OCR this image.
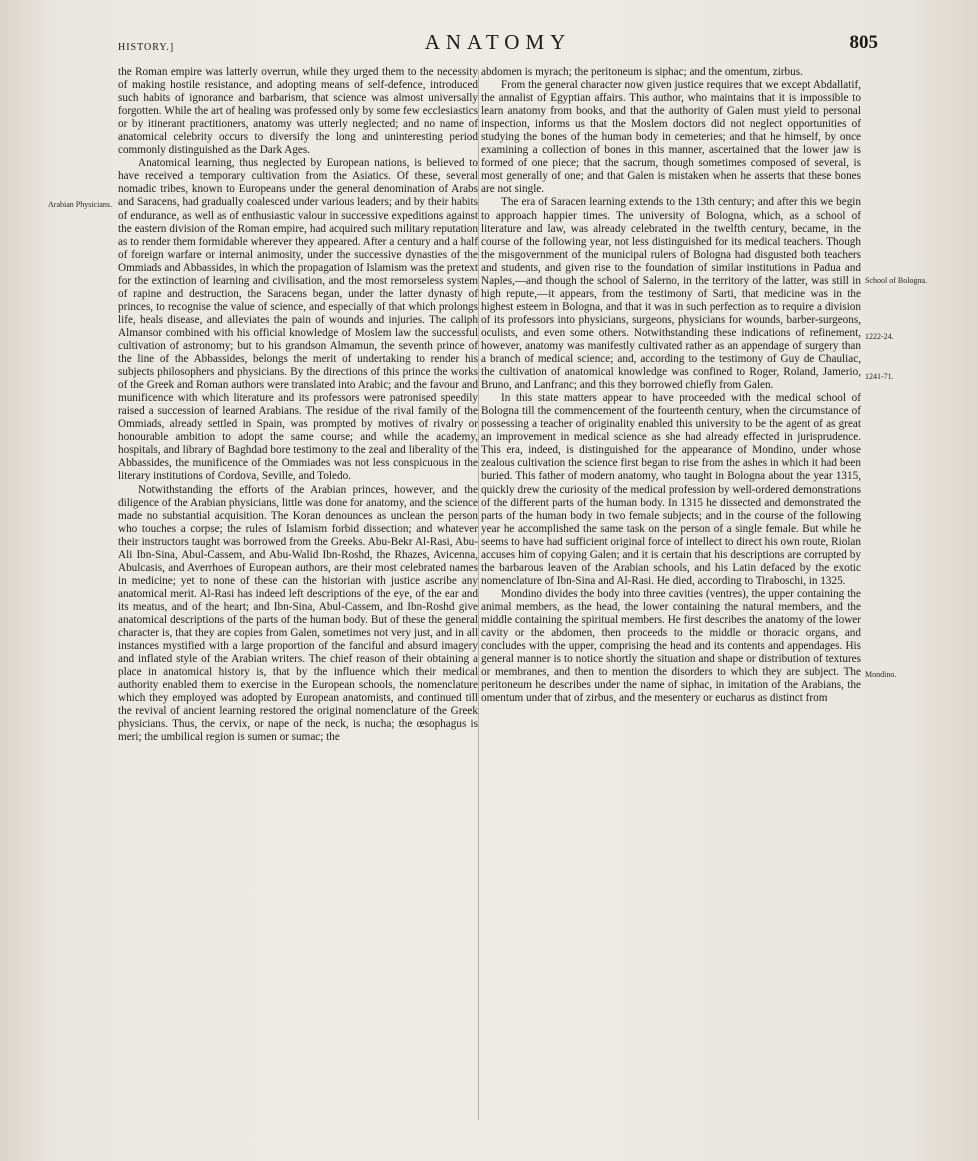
HISTORY.]	ANATOMY	805
Arabian Physicians.
School of Bologna.
1222-24.
1241-71.
Mondino.

the Roman empire was latterly overrun, while they urged them to the necessity of making hostile resistance, and adopting means of self-defence, introduced such habits of ignorance and barbarism, that science was almost universally forgotten. While the art of healing was professed only by some few ecclesiastics or by itinerant practitioners, anatomy was utterly neglected; and no name of anatomical celebrity occurs to diversify the long and uninteresting period commonly distinguished as the Dark Ages.

Anatomical learning, thus neglected by European nations, is believed to have received a temporary cultivation from the Asiatics. Of these, several nomadic tribes, known to Europeans under the general denomination of Arabs and Saracens, had gradually coalesced under various leaders; and by their habits of endurance, as well as of enthusiastic valour in successive expeditions against the eastern division of the Roman empire, had acquired such military reputation as to render them formidable wherever they appeared. After a century and a half of foreign warfare or internal animosity, under the successive dynasties of the Ommiads and Abbassides, in which the propagation of Islamism was the pretext for the extinction of learning and civilisation, and the most remorseless system of rapine and destruction, the Saracens began, under the latter dynasty of princes, to recognise the value of science, and especially of that which prolongs life, heals disease, and alleviates the pain of wounds and injuries. The caliph Almansor combined with his official knowledge of Moslem law the successful cultivation of astronomy; but to his grandson Almamun, the seventh prince of the line of the Abbassides, belongs the merit of undertaking to render his subjects philosophers and physicians. By the directions of this prince the works of the Greek and Roman authors were translated into Arabic; and the favour and munificence with which literature and its professors were patronised speedily raised a succession of learned Arabians. The residue of the rival family of the Ommiads, already settled in Spain, was prompted by motives of rivalry or honourable ambition to adopt the same course; and while the academy, hospitals, and library of Baghdad bore testimony to the zeal and liberality of the Abbassides, the munificence of the Ommiades was not less conspicuous in the literary institutions of Cordova, Seville, and Toledo.

Notwithstanding the efforts of the Arabian princes, however, and the diligence of the Arabian physicians, little was done for anatomy, and the science made no substantial acquisition. The Koran denounces as unclean the person who touches a corpse; the rules of Islamism forbid dissection; and whatever their instructors taught was borrowed from the Greeks. Abu-Bekr Al-Rasi, Abu-Ali Ibn-Sina, Abul-Cassem, and Abu-Walid Ibn-Roshd, the Rhazes, Avicenna, Abulcasis, and Averrhoes of European authors, are their most celebrated names in medicine; yet to none of these can the historian with justice ascribe any anatomical merit. Al-Rasi has indeed left descriptions of the eye, of the ear and its meatus, and of the heart; and Ibn-Sina, Abul-Cassem, and Ibn-Roshd give anatomical descriptions of the parts of the human body. But of these the general character is, that they are copies from Galen, sometimes not very just, and in all instances mystified with a large proportion of the fanciful and absurd imagery and inflated style of the Arabian writers. The chief reason of their obtaining a place in anatomical history is, that by the influence which their medical authority enabled them to exercise in the European schools, the nomenclature which they employed was adopted by European anatomists, and continued till the revival of ancient learning restored the original nomenclature of the Greek physicians. Thus, the cervix, or nape of the neck, is nucha; the œsophagus is meri; the umbilical region is sumen or sumac; the

abdomen is myrach; the peritoneum is siphac; and the omentum, zirbus.

From the general character now given justice requires that we except Abdallatif, the annalist of Egyptian affairs. This author, who maintains that it is impossible to learn anatomy from books, and that the authority of Galen must yield to personal inspection, informs us that the Moslem doctors did not neglect opportunities of studying the bones of the human body in cemeteries; and that he himself, by once examining a collection of bones in this manner, ascertained that the lower jaw is formed of one piece; that the sacrum, though sometimes composed of several, is most generally of one; and that Galen is mistaken when he asserts that these bones are not single.

The era of Saracen learning extends to the 13th century; and after this we begin to approach happier times. The university of Bologna, which, as a school of literature and law, was already celebrated in the twelfth century, became, in the course of the following year, not less distinguished for its medical teachers. Though the misgovernment of the municipal rulers of Bologna had disgusted both teachers and students, and given rise to the foundation of similar institutions in Padua and Naples,—and though the school of Salerno, in the territory of the latter, was still in high repute,—it appears, from the testimony of Sarti, that medicine was in the highest esteem in Bologna, and that it was in such perfection as to require a division of its professors into physicians, surgeons, physicians for wounds, barber-surgeons, oculists, and even some others. Notwithstanding these indications of refinement, however, anatomy was manifestly cultivated rather as an appendage of surgery than a branch of medical science; and, according to the testimony of Guy de Chauliac, the cultivation of anatomical knowledge was confined to Roger, Roland, Jamerio, Bruno, and Lanfranc; and this they borrowed chiefly from Galen.

In this state matters appear to have proceeded with the medical school of Bologna till the commencement of the fourteenth century, when the circumstance of possessing a teacher of originality enabled this university to be the agent of as great an improvement in medical science as she had already effected in jurisprudence. This era, indeed, is distinguished for the appearance of Mondino, under whose zealous cultivation the science first began to rise from the ashes in which it had been buried. This father of modern anatomy, who taught in Bologna about the year 1315, quickly drew the curiosity of the medical profession by well-ordered demonstrations of the different parts of the human body. In 1315 he dissected and demonstrated the parts of the human body in two female subjects; and in the course of the following year he accomplished the same task on the person of a single female. But while he seems to have had sufficient original force of intellect to direct his own route, Riolan accuses him of copying Galen; and it is certain that his descriptions are corrupted by the barbarous leaven of the Arabian schools, and his Latin defaced by the exotic nomenclature of Ibn-Sina and Al-Rasi. He died, according to Tiraboschi, in 1325.

Mondino divides the body into three cavities (ventres), the upper containing the animal members, as the head, the lower containing the natural members, and the middle containing the spiritual members. He first describes the anatomy of the lower cavity or the abdomen, then proceeds to the middle or thoracic organs, and concludes with the upper, comprising the head and its contents and appendages. His general manner is to notice shortly the situation and shape or distribution of textures or membranes, and then to mention the disorders to which they are subject. The peritoneum he describes under the name of siphac, in imitation of the Arabians, the omentum under that of zirbus, and the mesentery or eucharus as distinct from
